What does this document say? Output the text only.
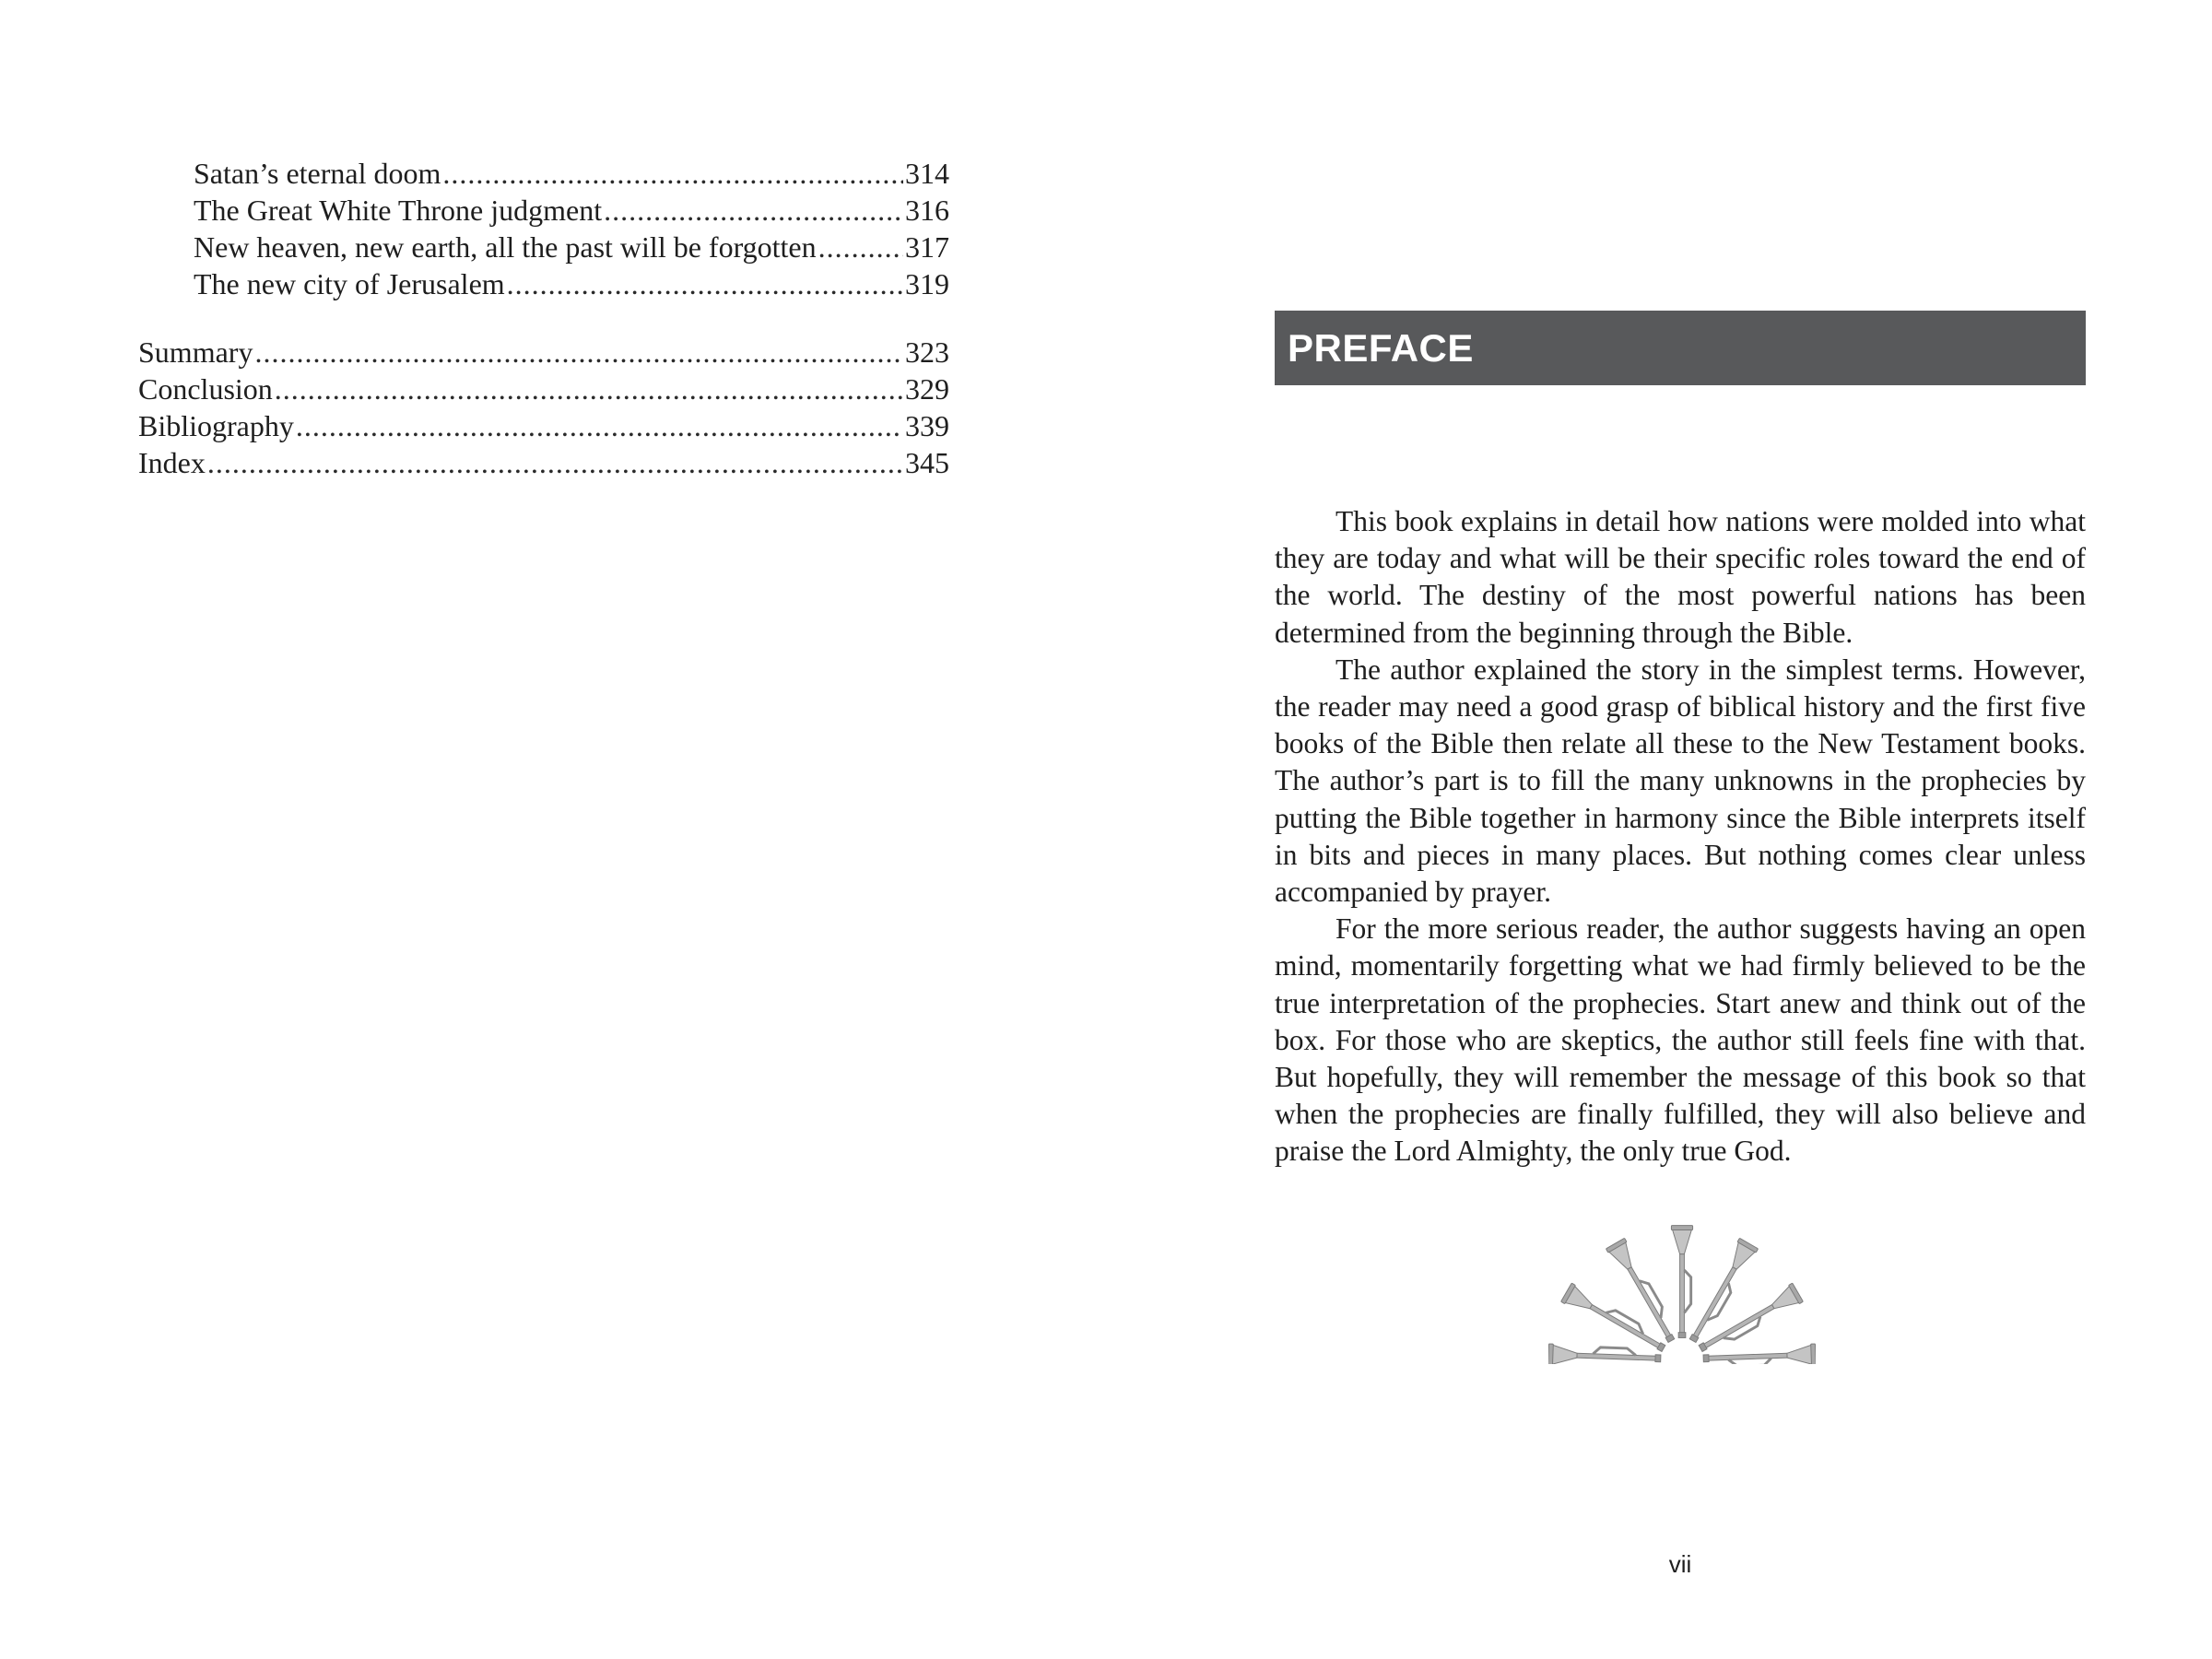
Satan’s eternal doom .....	314
The Great White Throne judgment .....	316
New heaven, new earth, all the past will be forgotten .....	317
The new city of Jerusalem .....	319
Summary .....	323
Conclusion .....	329
Bibliography .....	339
Index .....	345
PREFACE

This book explains in detail how nations were molded into what they are today and what will be their specific roles toward the end of the world. The destiny of the most powerful nations has been determined from the beginning through the Bible.

The author explained the story in the simplest terms. However, the reader may need a good grasp of biblical history and the first five books of the Bible then relate all these to the New Testament books. The author’s part is to fill the many unknowns in the prophecies by putting the Bible together in harmony since the Bible interprets itself in bits and pieces in many places. But nothing comes clear unless accompanied by prayer.

For the more serious reader, the author suggests having an open mind, momentarily forgetting what we had firmly believed to be the true interpretation of the prophecies. Start anew and think out of the box. For those who are skeptics, the author still feels fine with that. But hopefully, they will remember the message of this book so that when the prophecies are finally fulfilled, they will also believe and praise the Lord Almighty, the only true God.

vii
